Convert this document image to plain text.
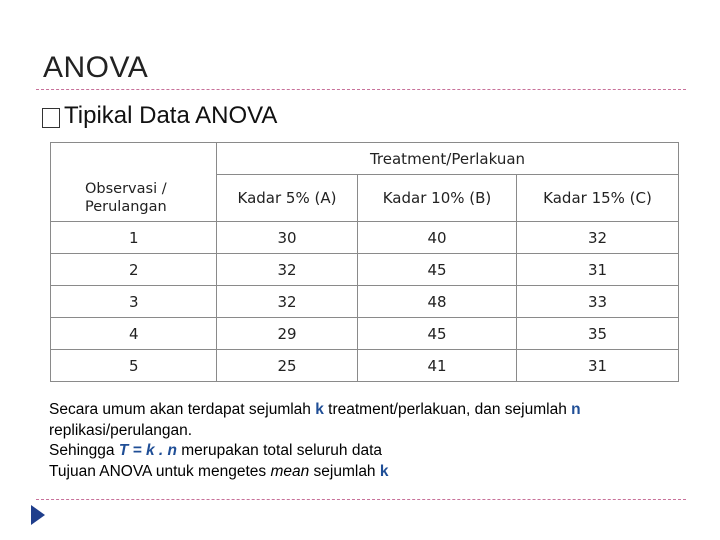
ANOVA
Tipikal Data ANOVA
	Treatment/Perlakuan		
Observasi / Perulangan	Kadar 5% (A)	Kadar 10% (B)	Kadar 15% (C)
1	30	40	32
2	32	45	31
3	32	48	33
4	29	45	35
5	25	41	31

Secara umum akan terdapat sejumlah k treatment/perlakuan, dan sejumlah n

replikasi/perulangan.

Sehingga T = k . n merupakan total seluruh data

Tujuan ANOVA untuk mengetes mean sejumlah k
